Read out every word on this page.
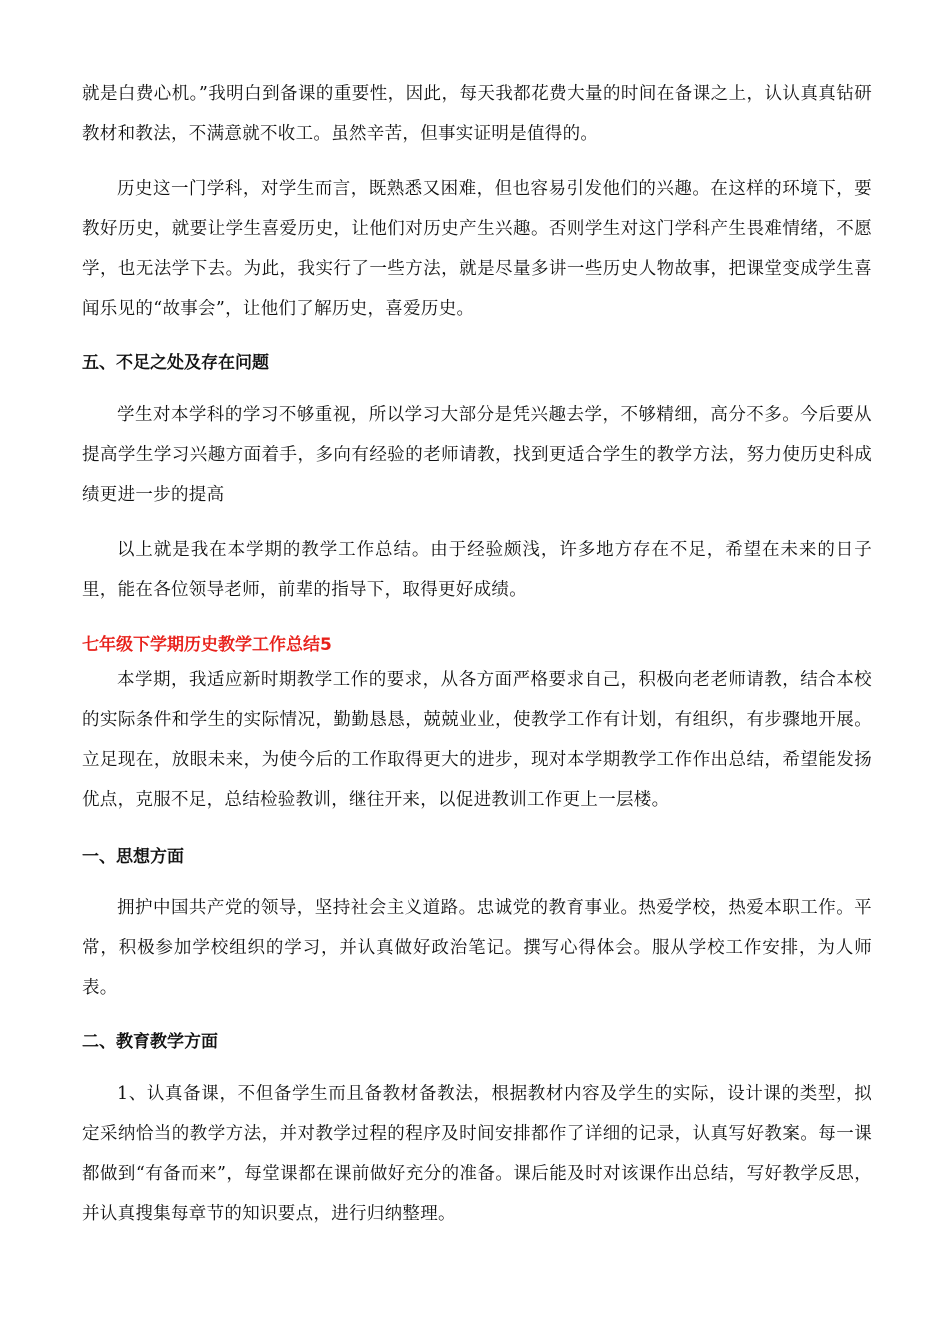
就是白费心机。”我明白到备课的重要性，因此，每天我都花费大量的时间在备课之上，认认真真钻研教材和教法，不满意就不收工。虽然辛苦，但事实证明是值得的。

历史这一门学科，对学生而言，既熟悉又困难，但也容易引发他们的兴趣。在这样的环境下，要教好历史，就要让学生喜爱历史，让他们对历史产生兴趣。否则学生对这门学科产生畏难情绪，不愿学，也无法学下去。为此，我实行了一些方法，就是尽量多讲一些历史人物故事，把课堂变成学生喜闻乐见的“故事会”，让他们了解历史，喜爱历史。

五、不足之处及存在问题

学生对本学科的学习不够重视，所以学习大部分是凭兴趣去学，不够精细，高分不多。今后要从提高学生学习兴趣方面着手，多向有经验的老师请教，找到更适合学生的教学方法，努力使历史科成绩更进一步的提高

以上就是我在本学期的教学工作总结。由于经验颇浅，许多地方存在不足，希望在未来的日子里，能在各位领导老师，前辈的指导下，取得更好成绩。

七年级下学期历史教学工作总结5

本学期，我适应新时期教学工作的要求，从各方面严格要求自己，积极向老老师请教，结合本校的实际条件和学生的实际情况，勤勤恳恳，兢兢业业，使教学工作有计划，有组织，有步骤地开展。立足现在，放眼未来，为使今后的工作取得更大的进步，现对本学期教学工作作出总结，希望能发扬优点，克服不足，总结检验教训，继往开来，以促进教训工作更上一层楼。

一、思想方面

拥护中国共产党的领导，坚持社会主义道路。忠诚党的教育事业。热爱学校，热爱本职工作。平常，积极参加学校组织的学习，并认真做好政治笔记。撰写心得体会。服从学校工作安排，为人师表。

二、教育教学方面

1、认真备课，不但备学生而且备教材备教法，根据教材内容及学生的实际，设计课的类型，拟定采纳恰当的教学方法，并对教学过程的程序及时间安排都作了详细的记录，认真写好教案。每一课都做到“有备而来”，每堂课都在课前做好充分的准备。课后能及时对该课作出总结，写好教学反思，并认真搜集每章节的知识要点，进行归纳整理。
